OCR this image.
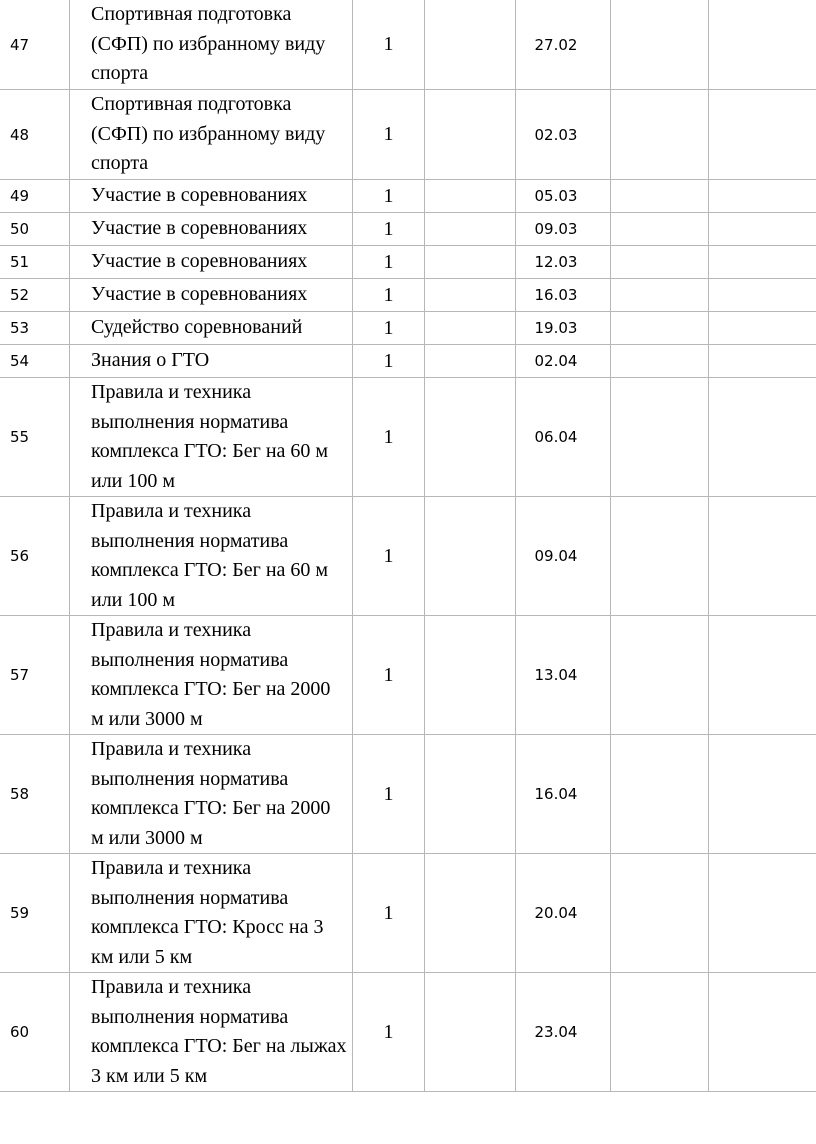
47	Спортивная подготовка (СФП) по избранному виду спорта	1		27.02		
48	Спортивная подготовка (СФП) по избранному виду спорта	1		02.03		
49	Участие в соревнованиях	1		05.03		
50	Участие в соревнованиях	1		09.03		
51	Участие в соревнованиях	1		12.03		
52	Участие в соревнованиях	1		16.03		
53	Судейство соревнований	1		19.03		
54	Знания о ГТО	1		02.04		
55	Правила и техника выполнения норматива комплекса ГТО: Бег на 60 м или 100 м	1		06.04		
56	Правила и техника выполнения норматива комплекса ГТО: Бег на 60 м или 100 м	1		09.04		
57	Правила и техника выполнения норматива комплекса ГТО: Бег на 2000 м или 3000 м	1		13.04		
58	Правила и техника выполнения норматива комплекса ГТО: Бег на 2000 м или 3000 м	1		16.04		
59	Правила и техника выполнения норматива комплекса ГТО: Кросс на 3 км или 5 км	1		20.04		
60	Правила и техника выполнения норматива комплекса ГТО: Бег на лыжах 3 км или 5 км	1		23.04		
